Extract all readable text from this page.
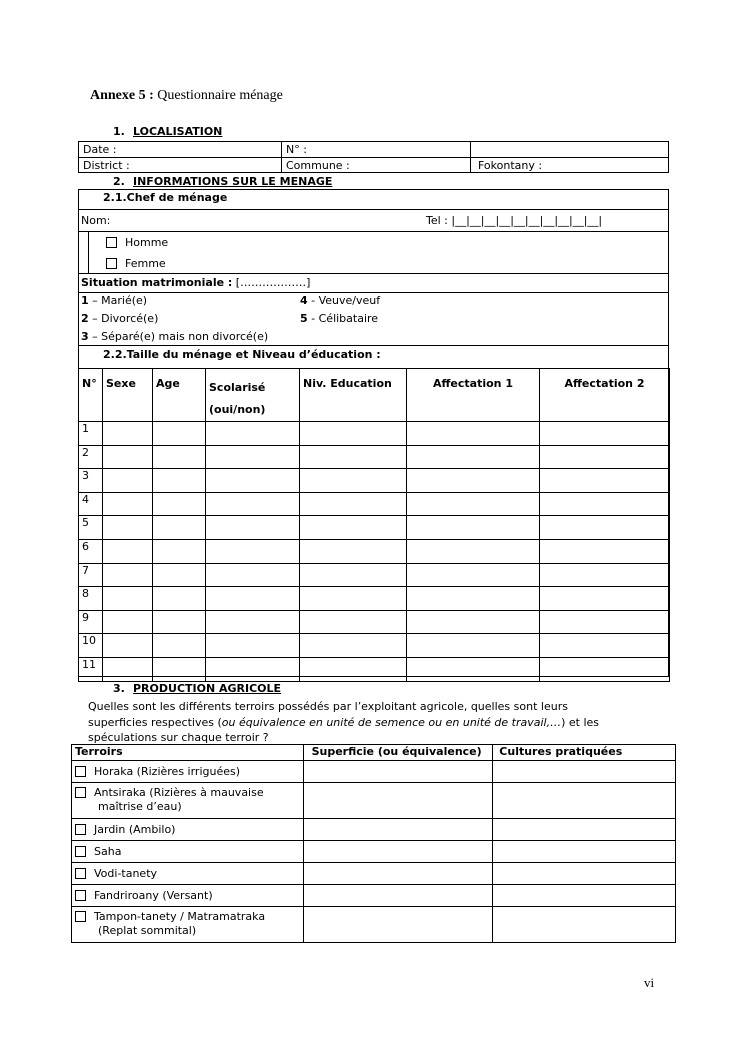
Annexe 5 : Questionnaire ménage
1. LOCALISATION
Date :	N° :
District :	Commune :	Fokontany :
2. INFORMATIONS SUR LE MENAGE
2.1.Chef de ménage
Nom:	Tel : |__|__|__|__|__|__|__|__|__|__|
Homme
Femme
Situation matrimoniale : [………………]
1 – Marié(e)	4 - Veuve/veuf
2 – Divorcé(e)	5 - Célibataire
3 – Séparé(e) mais non divorcé(e)
2.2.Taille du ménage et Niveau d’éducation :
N°	Sexe	Age	Scolarisé
(oui/non)	Niv. Education	Affectation 1	Affectation 2
1						
2						
3						
4						
5						
6						
7						
8						
9						
10						
11						
3. PRODUCTION AGRICOLE
Quelles sont les différents terroirs possédés par l’exploitant agricole, quelles sont leurs
superficies respectives (ou équivalence en unité de semence ou en unité de travail,…) et les
spéculations sur chaque terroir ?
Terroirs	Superficie (ou équivalence)	Cultures pratiquées
Horaka (Rizières irriguées)		
Antsiraka (Rizières à mauvaise
maîtrise d’eau)		
Jardin (Ambilo)		
Saha		
Vodi-tanety		
Fandriroany (Versant)		
Tampon-tanety / Matramatraka
(Replat sommital)		
vi
